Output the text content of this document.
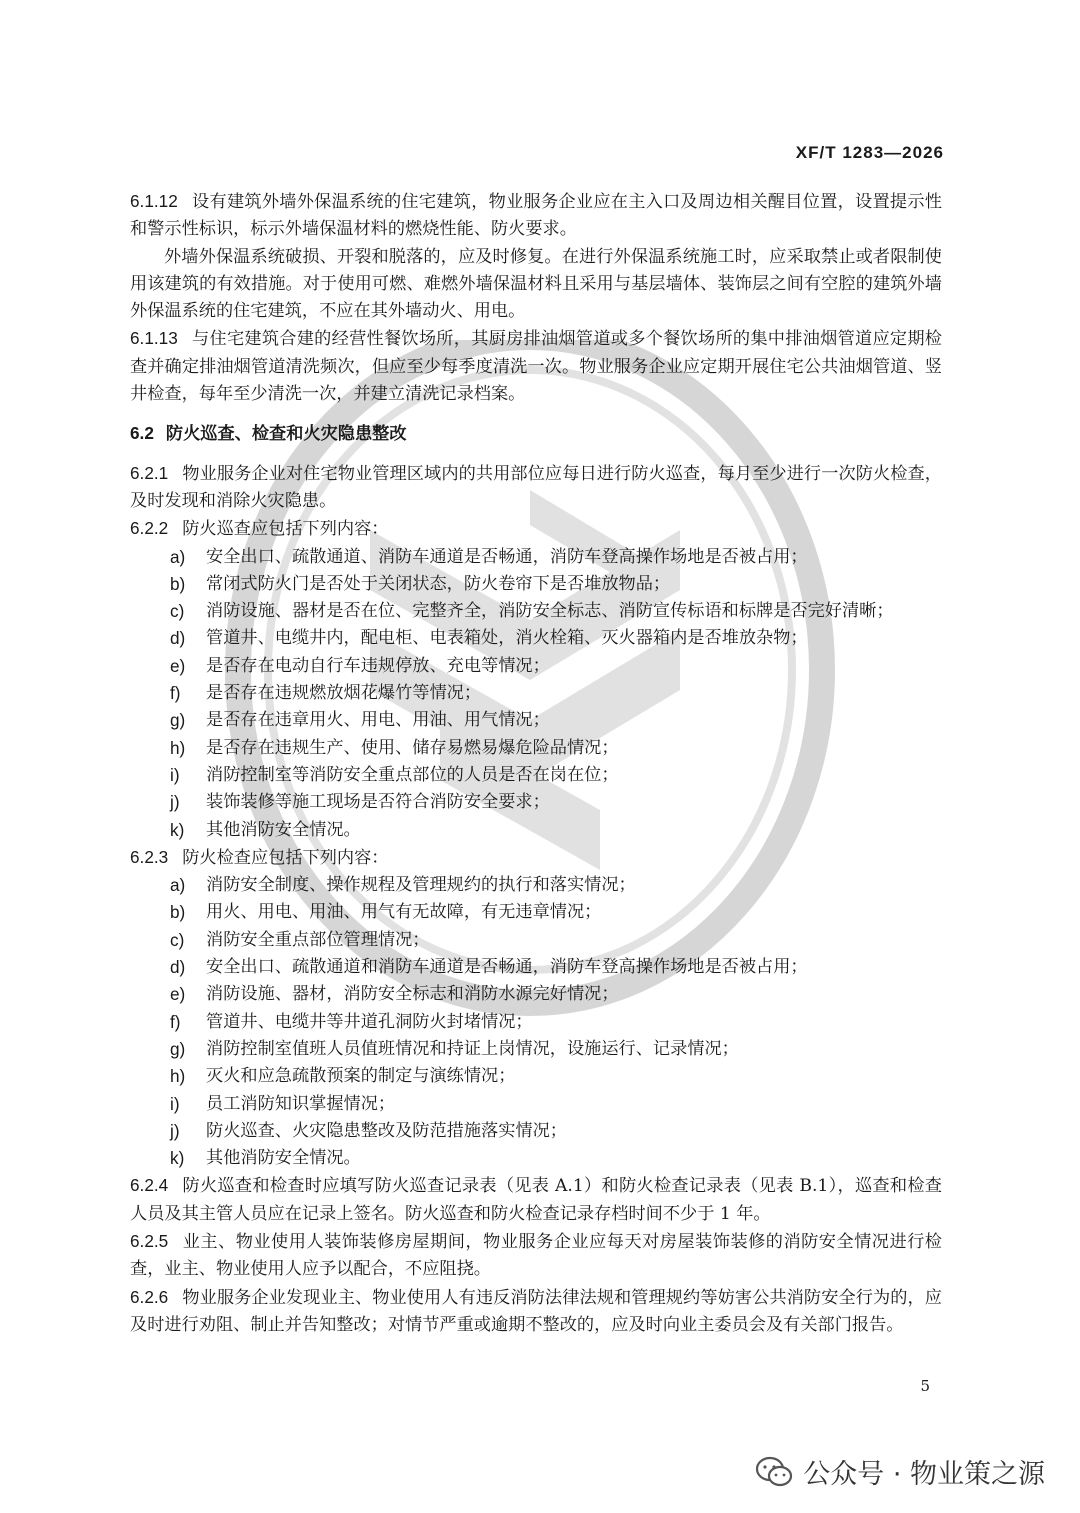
XF/T 1283—2026

6.1.12 设有建筑外墙外保温系统的住宅建筑，物业服务企业应在主入口及周边相关醒目位置，设置提示性和警示性标识，标示外墙保温材料的燃烧性能、防火要求。

外墙外保温系统破损、开裂和脱落的，应及时修复。在进行外保温系统施工时，应采取禁止或者限制使用该建筑的有效措施。对于使用可燃、难燃外墙保温材料且采用与基层墙体、装饰层之间有空腔的建筑外墙外保温系统的住宅建筑，不应在其外墙动火、用电。

6.1.13 与住宅建筑合建的经营性餐饮场所，其厨房排油烟管道或多个餐饮场所的集中排油烟管道应定期检查并确定排油烟管道清洗频次，但应至少每季度清洗一次。物业服务企业应定期开展住宅公共油烟管道、竖井检查，每年至少清洗一次，并建立清洗记录档案。

6.2 防火巡查、检查和火灾隐患整改

6.2.1 物业服务企业对住宅物业管理区域内的共用部位应每日进行防火巡查，每月至少进行一次防火检查，及时发现和消除火灾隐患。

6.2.2 防火巡查应包括下列内容：

a)	安全出口、疏散通道、消防车通道是否畅通，消防车登高操作场地是否被占用；
b)	常闭式防火门是否处于关闭状态，防火卷帘下是否堆放物品；
c)	消防设施、器材是否在位、完整齐全，消防安全标志、消防宣传标语和标牌是否完好清晰；
d)	管道井、电缆井内，配电柜、电表箱处，消火栓箱、灭火器箱内是否堆放杂物；
e)	是否存在电动自行车违规停放、充电等情况；
f)	是否存在违规燃放烟花爆竹等情况；
g)	是否存在违章用火、用电、用油、用气情况；
h)	是否存在违规生产、使用、储存易燃易爆危险品情况；
i)	消防控制室等消防安全重点部位的人员是否在岗在位；
j)	装饰装修等施工现场是否符合消防安全要求；
k)	其他消防安全情况。

6.2.3 防火检查应包括下列内容：

a)	消防安全制度、操作规程及管理规约的执行和落实情况；
b)	用火、用电、用油、用气有无故障，有无违章情况；
c)	消防安全重点部位管理情况；
d)	安全出口、疏散通道和消防车通道是否畅通，消防车登高操作场地是否被占用；
e)	消防设施、器材，消防安全标志和消防水源完好情况；
f)	管道井、电缆井等井道孔洞防火封堵情况；
g)	消防控制室值班人员值班情况和持证上岗情况，设施运行、记录情况；
h)	灭火和应急疏散预案的制定与演练情况；
i)	员工消防知识掌握情况；
j)	防火巡查、火灾隐患整改及防范措施落实情况；
k)	其他消防安全情况。

6.2.4 防火巡查和检查时应填写防火巡查记录表（见表 A.1）和防火检查记录表（见表 B.1），巡查和检查人员及其主管人员应在记录上签名。防火巡查和防火检查记录存档时间不少于 1 年。

6.2.5 业主、物业使用人装饰装修房屋期间，物业服务企业应每天对房屋装饰装修的消防安全情况进行检查，业主、物业使用人应予以配合，不应阻挠。

6.2.6 物业服务企业发现业主、物业使用人有违反消防法律法规和管理规约等妨害公共消防安全行为的，应及时进行劝阻、制止并告知整改；对情节严重或逾期不整改的，应及时向业主委员会及有关部门报告。

5
公众号 · 物业策之源
